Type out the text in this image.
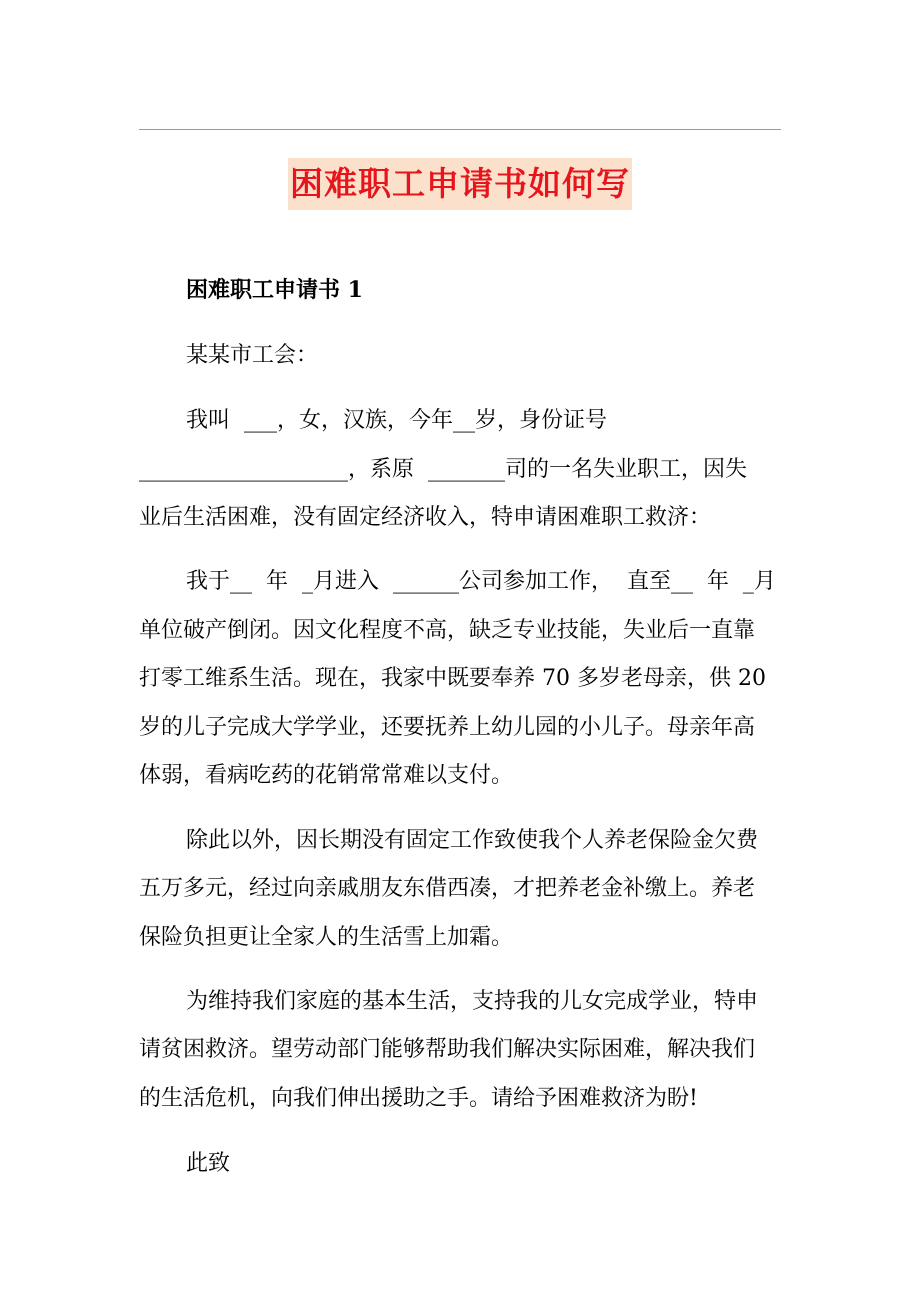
困难职工申请书如何写
困难职工申请书 1
某某市工会：
我叫  ___，女，汉族，今年__岁，身份证号
___________________，系原  _______司的一名失业职工，因失
业后生活困难，没有固定经济收入，特申请困难职工救济：
我于__  年  _月进入  ______公司参加工作，  直至__  年  _月
单位破产倒闭。因文化程度不高，缺乏专业技能，失业后一直靠
打零工维系生活。现在，我家中既要奉养 70 多岁老母亲，供 20
岁的儿子完成大学学业，还要抚养上幼儿园的小儿子。母亲年高
体弱，看病吃药的花销常常难以支付。
除此以外，因长期没有固定工作致使我个人养老保险金欠费
五万多元，经过向亲戚朋友东借西凑，才把养老金补缴上。养老
保险负担更让全家人的生活雪上加霜。
为维持我们家庭的基本生活，支持我的儿女完成学业，特申
请贫困救济。望劳动部门能够帮助我们解决实际困难，解决我们
的生活危机，向我们伸出援助之手。请给予困难救济为盼!
此致
